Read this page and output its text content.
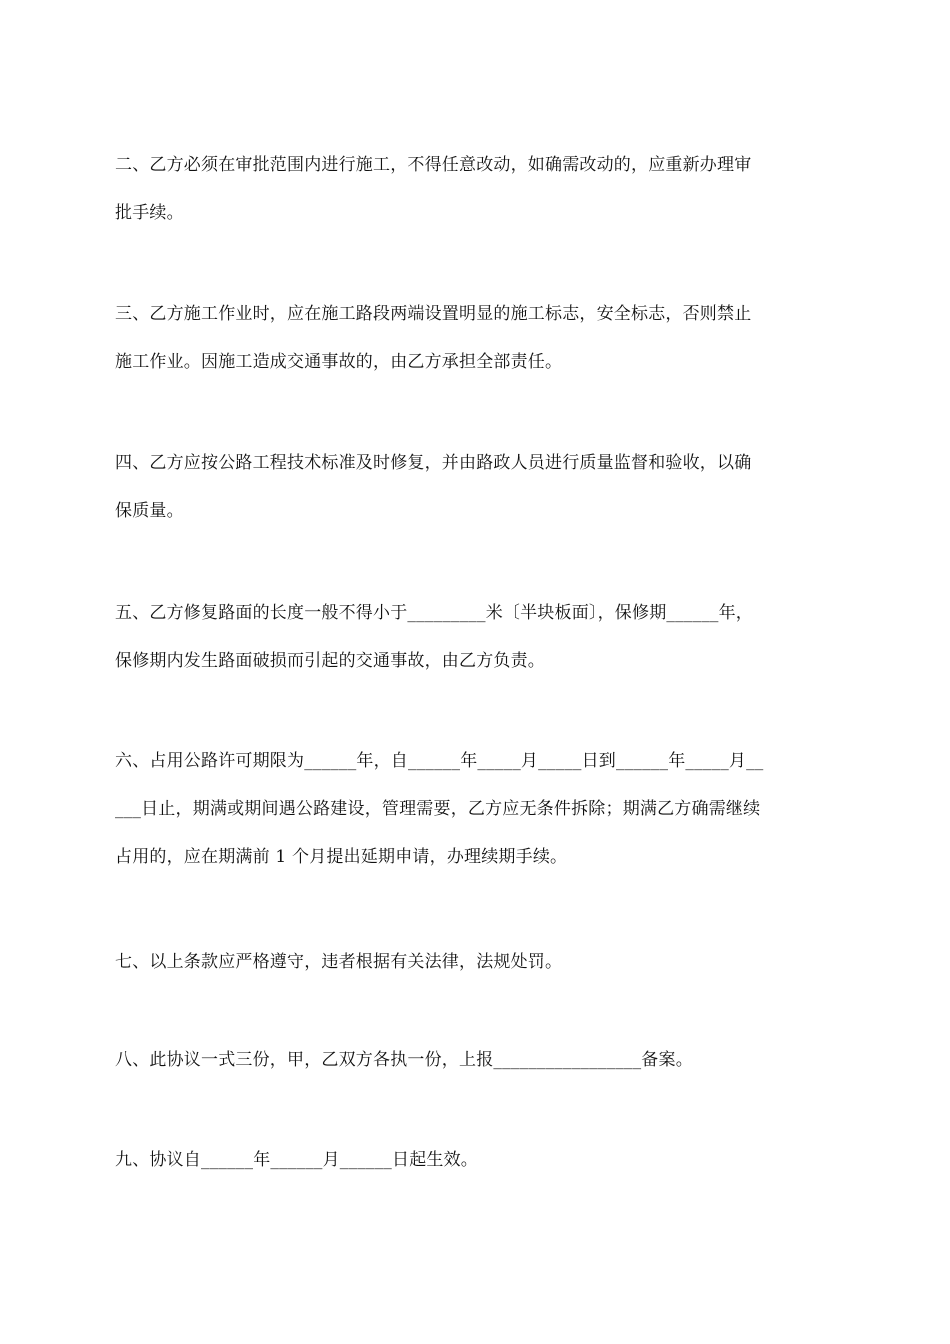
二、乙方必须在审批范围内进行施工，不得任意改动，如确需改动的，应重新办理审
批手续。

三、乙方施工作业时，应在施工路段两端设置明显的施工标志，安全标志，否则禁止
施工作业。因施工造成交通事故的，由乙方承担全部责任。

四、乙方应按公路工程技术标准及时修复，并由路政人员进行质量监督和验收，以确
保质量。

五、乙方修复路面的长度一般不得小于_________米〔半块板面〕，保修期______年，
保修期内发生路面破损而引起的交通事故，由乙方负责。

六、占用公路许可期限为______年，自______年_____月_____日到______年_____月__
___日止，期满或期间遇公路建设，管理需要，乙方应无条件拆除；期满乙方确需继续
占用的，应在期满前 1 个月提出延期申请，办理续期手续。

七、以上条款应严格遵守，违者根据有关法律，法规处罚。

八、此协议一式三份，甲，乙双方各执一份，上报_________________备案。

九、协议自______年______月______日起生效。
